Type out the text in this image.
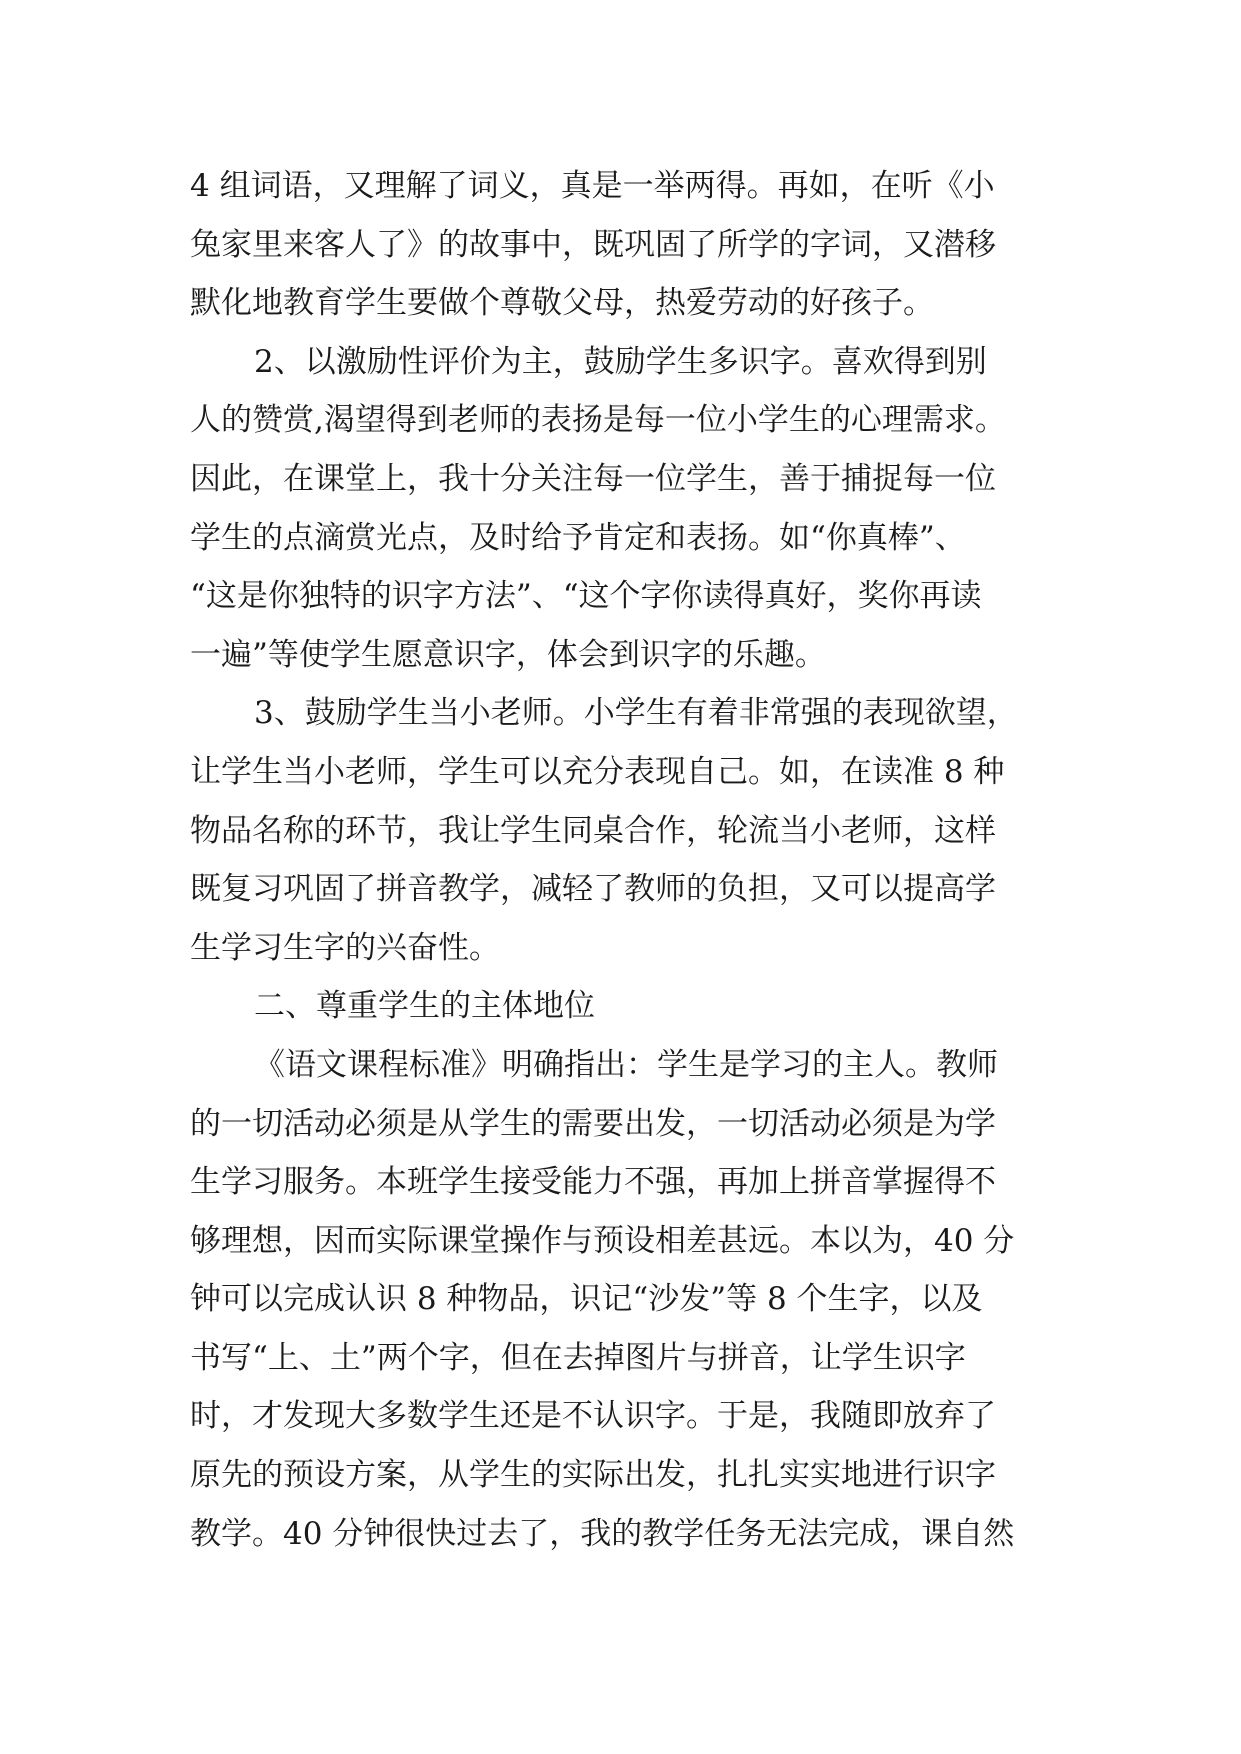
4 组词语，又理解了词义，真是一举两得。再如，在听《小
兔家里来客人了》的故事中，既巩固了所学的字词，又潜移
默化地教育学生要做个尊敬父母，热爱劳动的好孩子。
2、以激励性评价为主，鼓励学生多识字。喜欢得到别
人的赞赏,渴望得到老师的表扬是每一位小学生的心理需求。
因此，在课堂上，我十分关注每一位学生，善于捕捉每一位
学生的点滴赏光点，及时给予肯定和表扬。如“你真棒”、
“这是你独特的识字方法”、“这个字你读得真好，奖你再读
一遍”等使学生愿意识字，体会到识字的乐趣。
3、鼓励学生当小老师。小学生有着非常强的表现欲望，
让学生当小老师，学生可以充分表现自己。如，在读准 8 种
物品名称的环节，我让学生同桌合作，轮流当小老师，这样
既复习巩固了拼音教学，减轻了教师的负担，又可以提高学
生学习生字的兴奋性。
二、尊重学生的主体地位
《语文课程标准》明确指出：学生是学习的主人。教师
的一切活动必须是从学生的需要出发，一切活动必须是为学
生学习服务。本班学生接受能力不强，再加上拼音掌握得不
够理想，因而实际课堂操作与预设相差甚远。本以为，40 分
钟可以完成认识 8 种物品，识记“沙发”等 8 个生字，以及
书写“上、土”两个字，但在去掉图片与拼音，让学生识字
时，才发现大多数学生还是不认识字。于是，我随即放弃了
原先的预设方案，从学生的实际出发，扎扎实实地进行识字
教学。40 分钟很快过去了，我的教学任务无法完成，课自然
